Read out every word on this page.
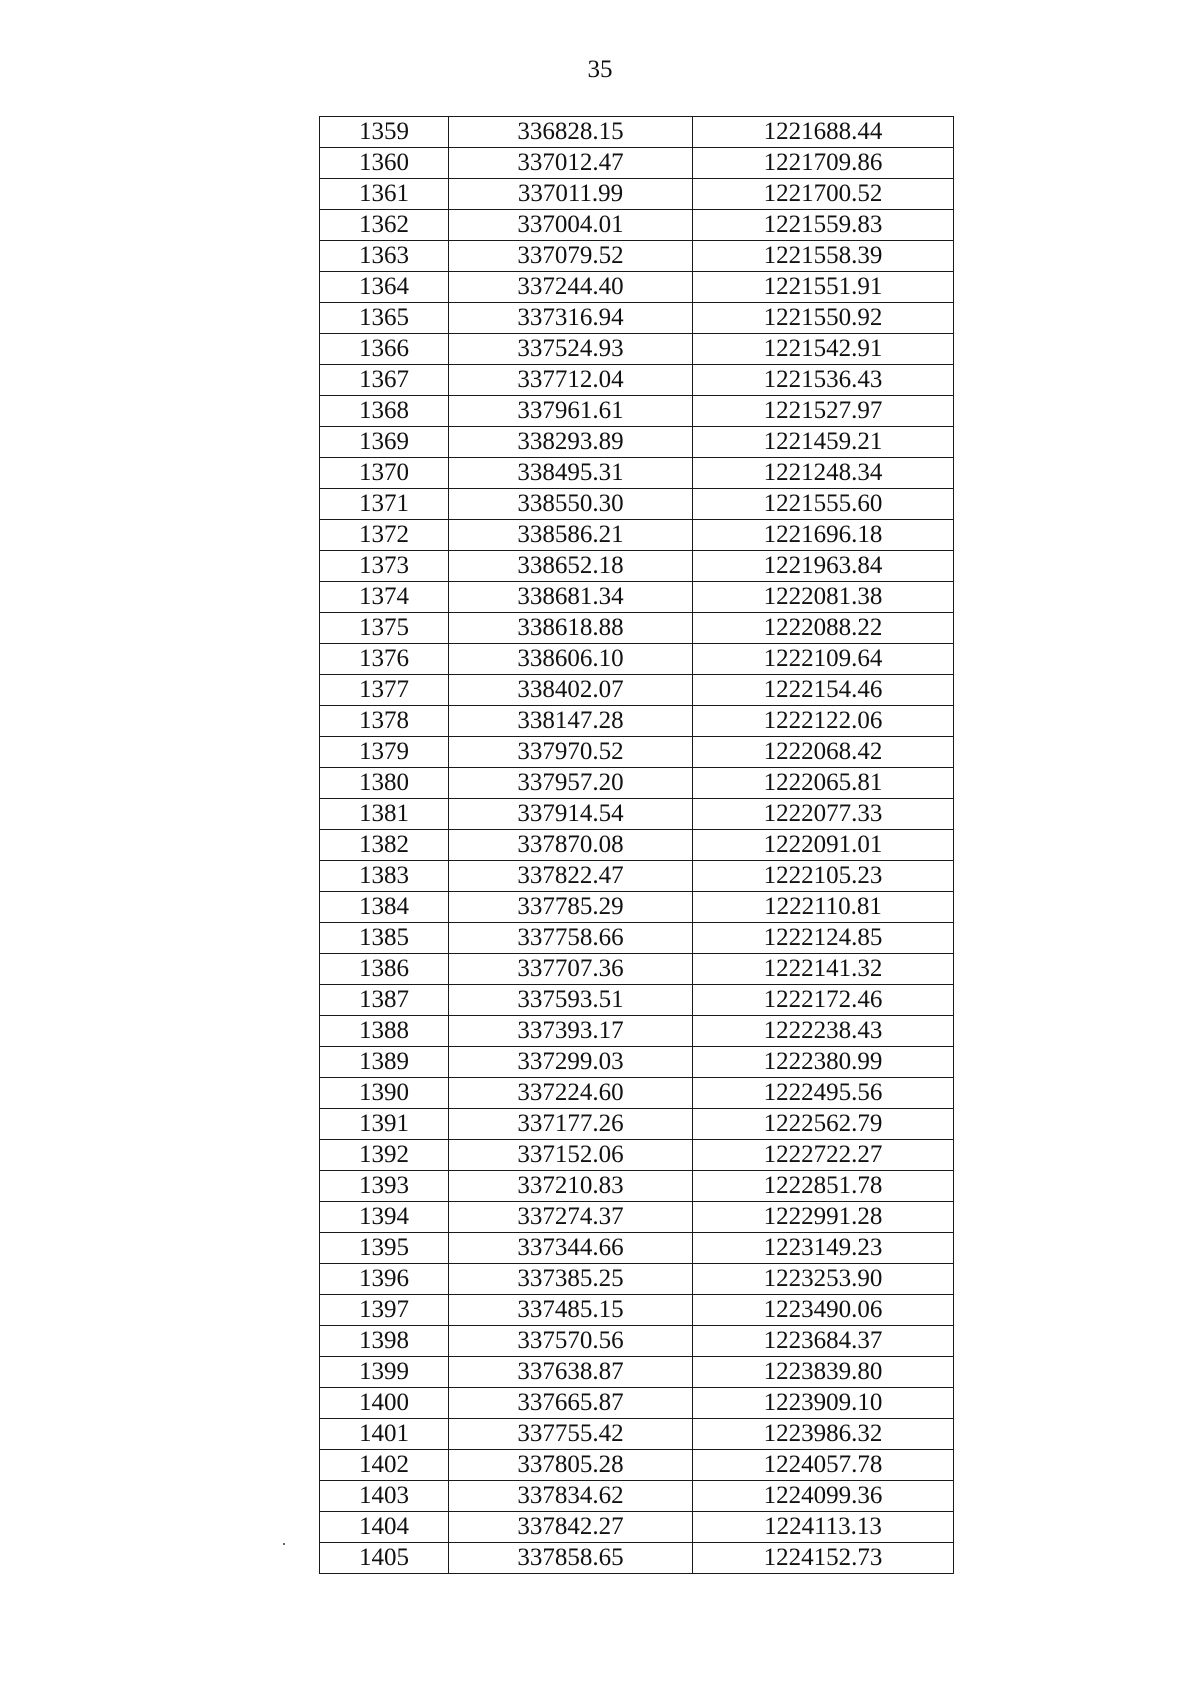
35
1359	336828.15	1221688.44
1360	337012.47	1221709.86
1361	337011.99	1221700.52
1362	337004.01	1221559.83
1363	337079.52	1221558.39
1364	337244.40	1221551.91
1365	337316.94	1221550.92
1366	337524.93	1221542.91
1367	337712.04	1221536.43
1368	337961.61	1221527.97
1369	338293.89	1221459.21
1370	338495.31	1221248.34
1371	338550.30	1221555.60
1372	338586.21	1221696.18
1373	338652.18	1221963.84
1374	338681.34	1222081.38
1375	338618.88	1222088.22
1376	338606.10	1222109.64
1377	338402.07	1222154.46
1378	338147.28	1222122.06
1379	337970.52	1222068.42
1380	337957.20	1222065.81
1381	337914.54	1222077.33
1382	337870.08	1222091.01
1383	337822.47	1222105.23
1384	337785.29	1222110.81
1385	337758.66	1222124.85
1386	337707.36	1222141.32
1387	337593.51	1222172.46
1388	337393.17	1222238.43
1389	337299.03	1222380.99
1390	337224.60	1222495.56
1391	337177.26	1222562.79
1392	337152.06	1222722.27
1393	337210.83	1222851.78
1394	337274.37	1222991.28
1395	337344.66	1223149.23
1396	337385.25	1223253.90
1397	337485.15	1223490.06
1398	337570.56	1223684.37
1399	337638.87	1223839.80
1400	337665.87	1223909.10
1401	337755.42	1223986.32
1402	337805.28	1224057.78
1403	337834.62	1224099.36
1404	337842.27	1224113.13
1405	337858.65	1224152.73
